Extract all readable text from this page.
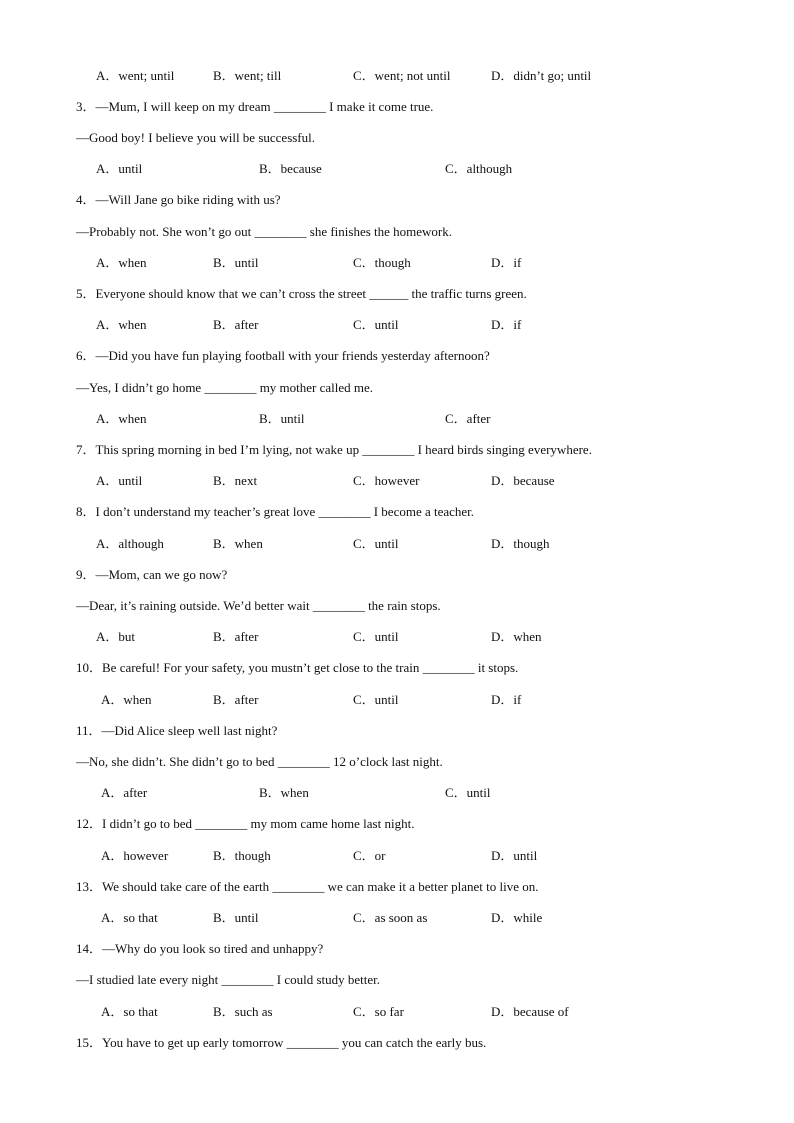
A．went; until	B．went; till	C．went; not until	D．didn’t go; until
3．—Mum, I will keep on my dream ________ I make it come true.
—Good boy! I believe you will be successful.
A．until	B．because	C．although
4．—Will Jane go bike riding with us?
—Probably not. She won’t go out ________ she finishes the homework.
A．when	B．until	C．though	D．if
5．Everyone should know that we can’t cross the street ______ the traffic turns green.
A．when	B．after	C．until	D．if
6．—Did you have fun playing football with your friends yesterday afternoon?
—Yes, I didn’t go home ________ my mother called me.
A．when	B．until	C．after
7．This spring morning in bed I’m lying, not wake up ________ I heard birds singing everywhere.
A．until	B．next	C．however	D．because
8．I don’t understand my teacher’s great love ________ I become a teacher.
A．although	B．when	C．until	D．though
9．—Mom, can we go now?
—Dear, it’s raining outside. We’d better wait ________ the rain stops.
A．but	B．after	C．until	D．when
10．Be careful! For your safety, you mustn’t get close to the train ________ it stops.
A．when	B．after	C．until	D．if
11．—Did Alice sleep well last night?
—No, she didn’t. She didn’t go to bed ________ 12 o’clock last night.
A．after	B．when	C．until
12．I didn’t go to bed ________ my mom came home last night.
A．however	B．though	C．or	D．until
13．We should take care of the earth ________ we can make it a better planet to live on.
A．so that	B．until	C．as soon as	D．while
14．—Why do you look so tired and unhappy?
—I studied late every night ________ I could study better.
A．so that	B．such as	C．so far	D．because of
15．You have to get up early tomorrow ________ you can catch the early bus.
